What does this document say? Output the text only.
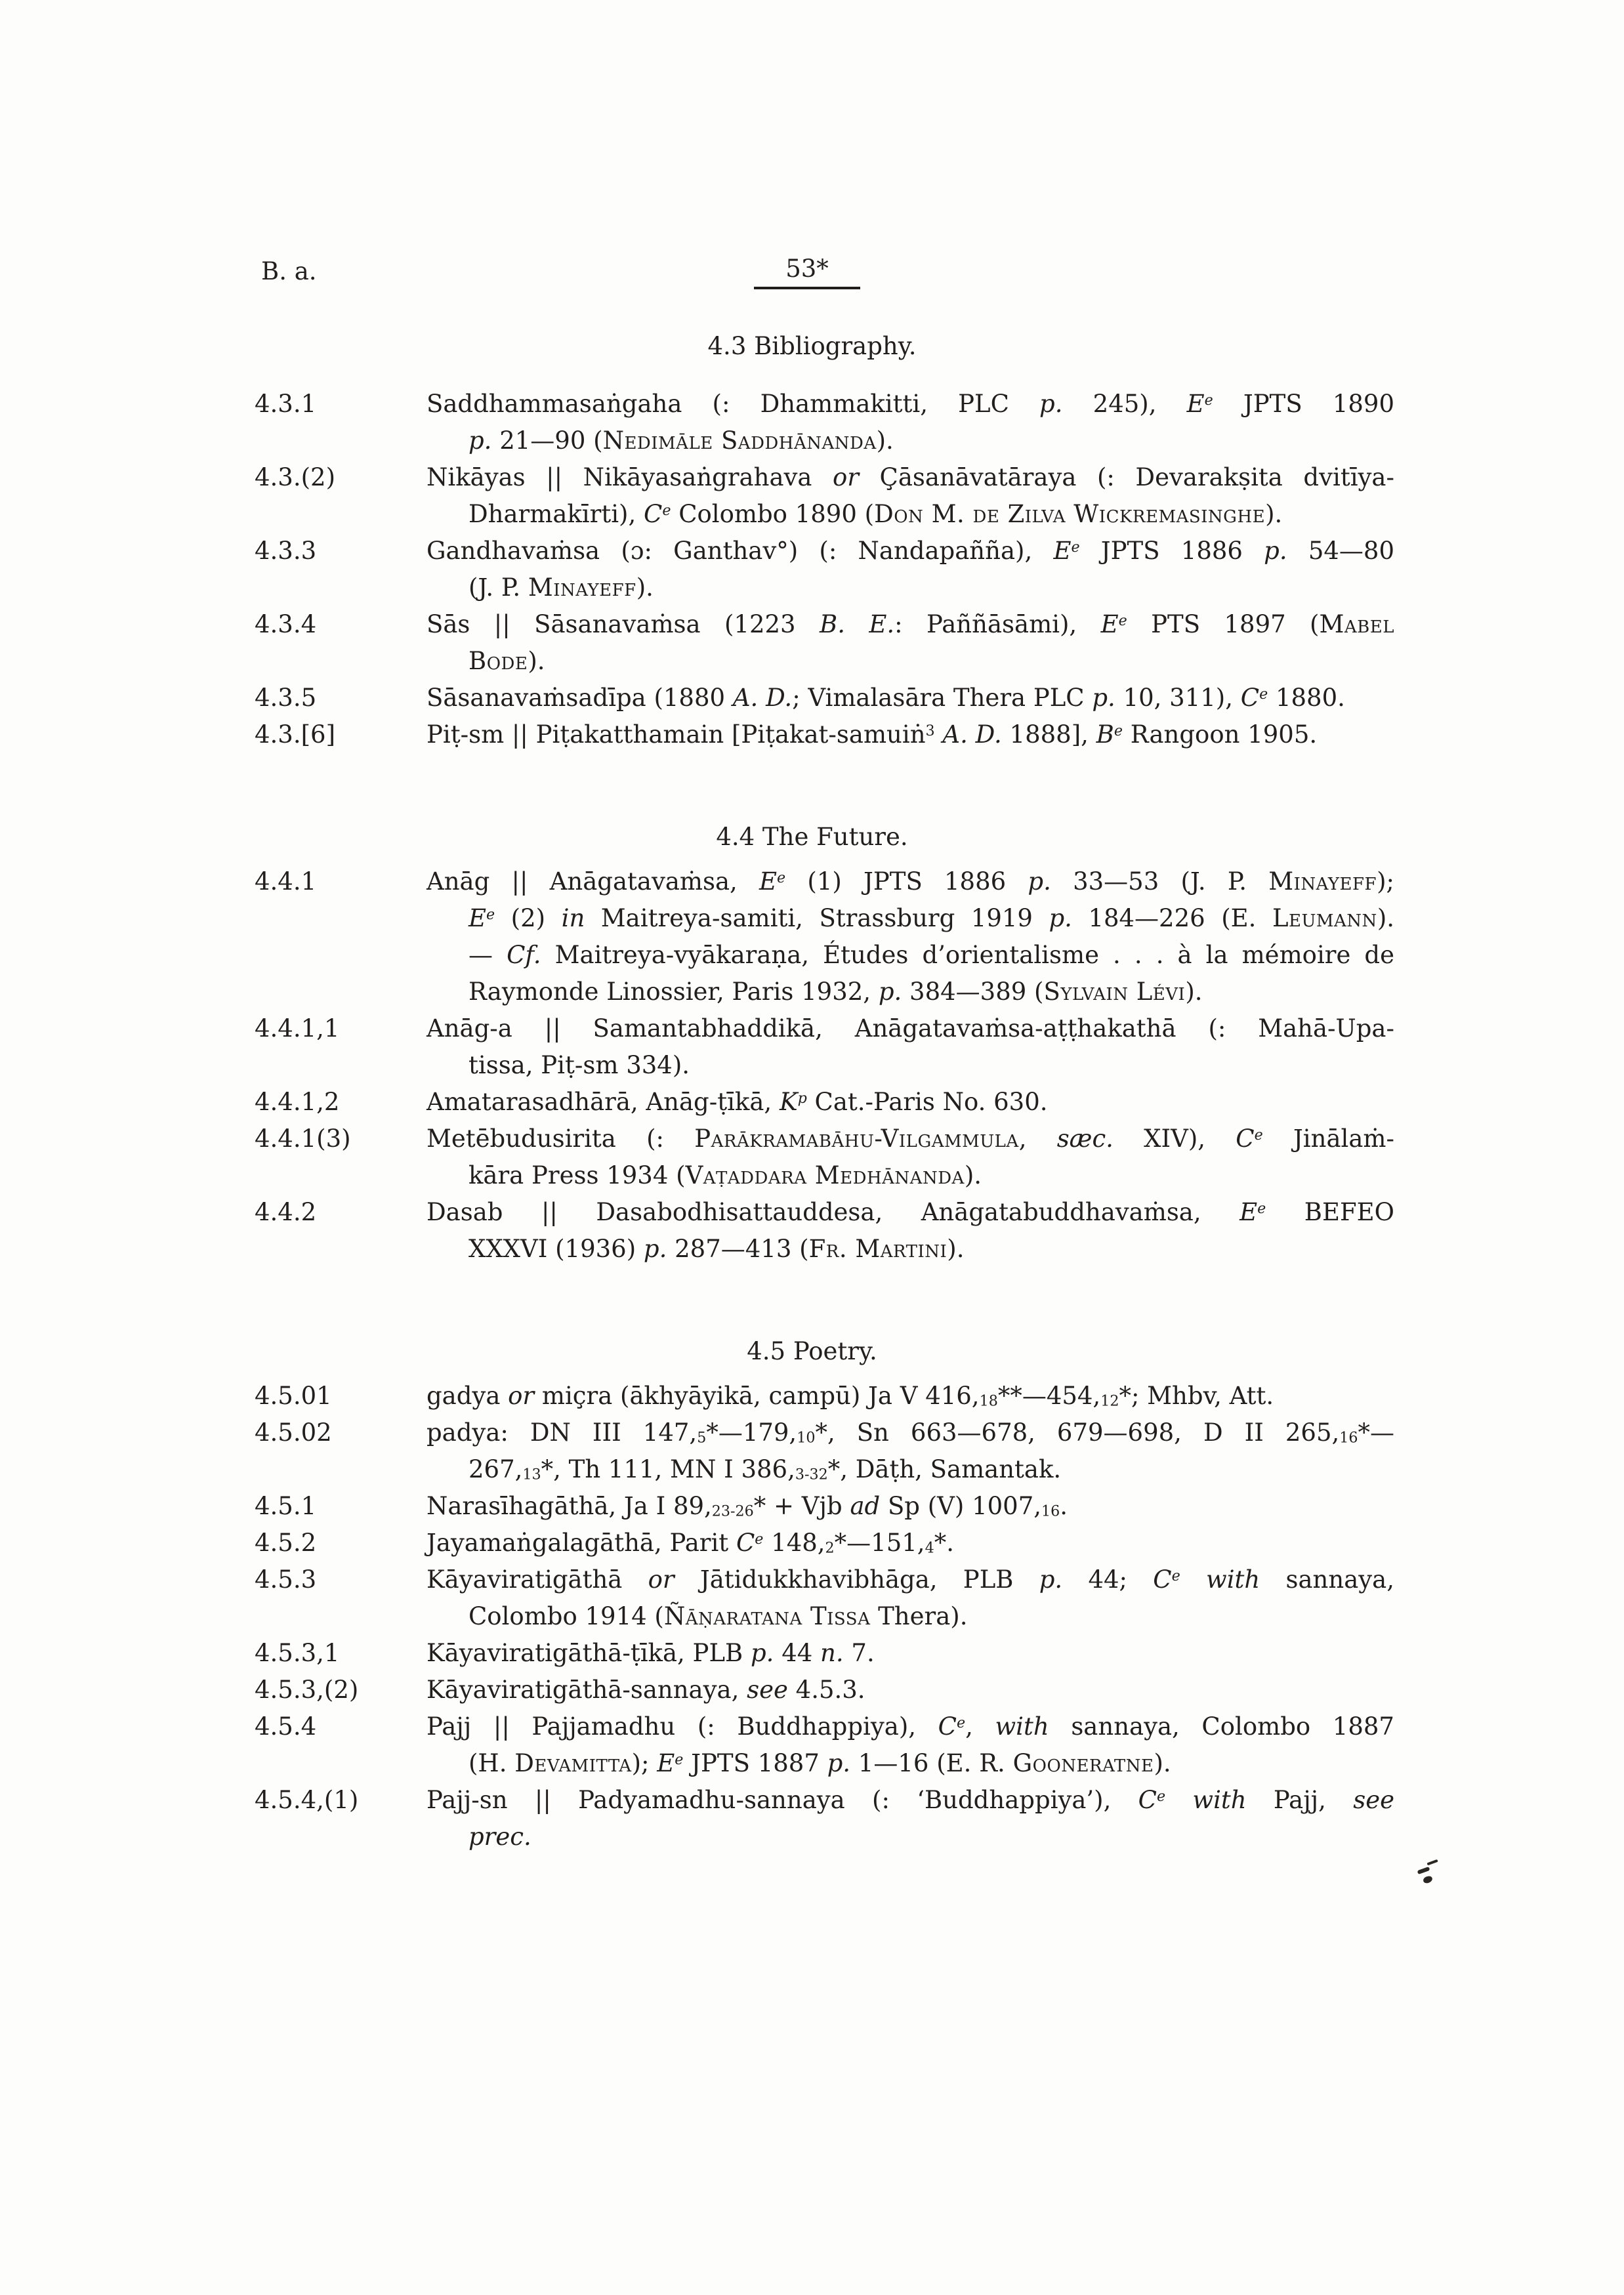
B. a.	53*
4.3 Bibliography.
4.3.1	Saddhammasaṅgaha (: Dhammakitti, PLC p. 245), $E^e$ JPTS 1890
p. 21—90 (Nedimāle Saddhānanda).
4.3.(2)	Nikāyas || Nikāyasaṅgrahava or Çāsanāvatāraya (: Devarakṣita dvitīya-
Dharmakīrti), Ce Colombo 1890 (Don M. de Zilva Wickremasinghe).
4.3.3	Gandhavaṁsa (ɔ: Ganthav°) (: Nandapañña), $E^e$ JPTS 1886 p. 54—80
(J. P. Minayeff).
4.3.4	Sās || Sāsanavaṁsa (1223 B. E.: Paññāsāmi), $E^e$ PTS 1897 (Mabel
Bode).
4.3.5	Sāsanavaṁsadīpa (1880 A. D.; Vimalasāra Thera PLC p. 10, 311), Ce 1880.
4.3.[6]	Piṭ-sm || Piṭakatthamain [Piṭakat-samuiṅ$^3$ A. D. 1888], $B^e$ Rangoon 1905.
4.4 The Future.
4.4.1	Anāg || Anāgatavaṁsa, $E^e$ (1) JPTS 1886 p. 33—53 (J. P. Minayeff);
$E^e$ (2) in Maitreya-samiti, Strassburg 1919 p. 184—226 (E. Leumann).
— Cf. Maitreya-vyākaraṇa, Études d’orientalisme . . . à la mémoire de
Raymonde Linossier, Paris 1932, p. 384—389 (Sylvain Lévi).
4.4.1,1	Anāg-a || Samantabhaddikā, Anāgatavaṁsa-aṭṭhakathā (: Mahā-Upa-
tissa, Piṭ-sm 334).
4.4.1,2	Amatarasadhārā, Anāg-ṭīkā, $K^p$ Cat.-Paris No. 630.
4.4.1(3)	Metēbudusirita (: Parākramabāhu-Vilgammula, sæc. XIV), Ce Jinālaṁ-
kāra Press 1934 (Vaṭaddara Medhānanda).
4.4.2	Dasab || Dasabodhisattauddesa, Anāgatabuddhavaṁsa, $E^e$ BEFEO
XXXVI (1936) p. 287—413 (Fr. Martini).
4.5 Poetry.
4.5.01	gadya or miçra (ākhyāyikā, campū) Ja V 416,18**—454,12*; Mhbv, Att.
4.5.02	padya: DN III 147,5*—179,10*, Sn 663—678, 679—698, D II 265,16*—
267,13*, Th 111, MN I 386,3-32*, Dāṭh, Samantak.
4.5.1	Narasīhagāthā, Ja I 89,23-26* + Vjb ad Sp (V) 1007,16.
4.5.2	Jayamaṅgalagāthā, Parit Ce 148,2*—151,4*.
4.5.3	Kāyaviratigāthā or Jātidukkhavibhāga, PLB p. 44; Ce with sannaya,
Colombo 1914 (Ñāṇaratana Tissa Thera).
4.5.3,1	Kāyaviratigāthā-ṭīkā, PLB p. 44 n. 7.
4.5.3,(2)	Kāyaviratigāthā-sannaya, see 4.5.3.
4.5.4	Pajj || Pajjamadhu (: Buddhappiya), Ce, with sannaya, Colombo 1887
(H. Devamitta); $E^e$ JPTS 1887 p. 1—16 (E. R. Gooneratne).
4.5.4,(1)	Pajj-sn || Padyamadhu-sannaya (: ‘Buddhappiya’), Ce with Pajj, see
prec.
